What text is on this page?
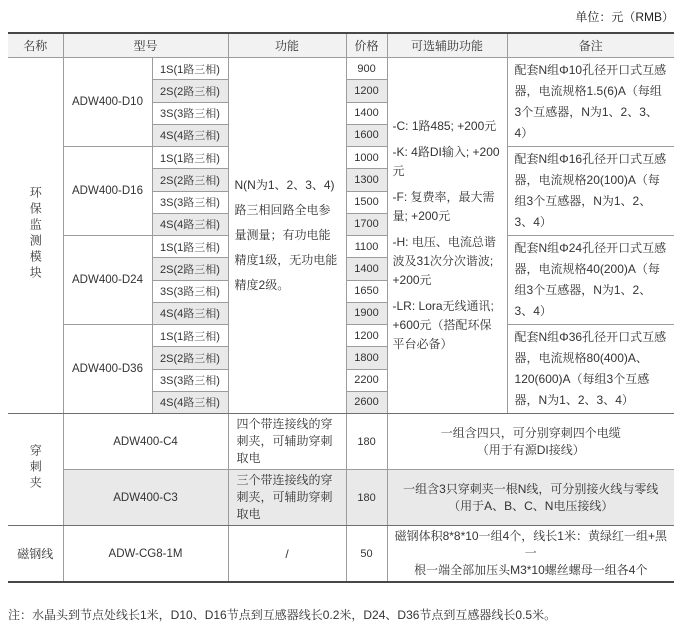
单位：元（RMB）
名称	型号		功能	价格	可选辅助功能	备注
环保监测模块	ADW400-D10	1S(1路三相)	N(N为1、2、3、4)路三相回路全电参量测量；有功电能精度1级，无功电能精度2级。	900	-C: 1路485; +200元
-K: 4路DI输入; +200元
-F: 复费率，最大需量; +200元
-H: 电压、电流总谐波及31次分次谐波; +200元
-LR: Lora无线通讯; +600元（搭配环保平台必备）	配套N组Φ10孔径开口式互感器，电流规格1.5(6)A（每组3个互感器，N为1、2、3、4）
		2S(2路三相)		1200		
		3S(3路三相)		1400		
		4S(4路三相)		1600		
	ADW400-D16	1S(1路三相)		1000		配套N组Φ16孔径开口式互感器，电流规格20(100)A（每组3个互感器，N为1、2、3、4）
		2S(2路三相)		1300		
		3S(3路三相)		1500		
		4S(4路三相)		1700		
	ADW400-D24	1S(1路三相)		1100		配套N组Φ24孔径开口式互感器，电流规格40(200)A（每组3个互感器，N为1、2、3、4）
		2S(2路三相)		1400		
		3S(3路三相)		1650		
		4S(4路三相)		1900		
	ADW400-D36	1S(1路三相)		1200		配套N组Φ36孔径开口式互感器，电流规格80(400)A、120(600)A（每组3个互感器，N为1、2、3、4）
		2S(2路三相)		1800		
		3S(3路三相)		2200		
		4S(4路三相)		2600		
穿刺夹	ADW400-C4		四个带连接线的穿刺夹，可辅助穿刺取电	180	一组含四只，可分别穿刺四个电缆
（用于有源DI接线）	

	ADW400-C3		三个带连接线的穿刺夹，可辅助穿刺取电	180	一组含3只穿刺夹一根N线，可分别接火线与零线
（用于A、B、C、N电压接线）	

磁钢线	ADW-CG8-1M		/	50	磁钢体积8*8*10一组4个，线长1米：黄绿红一组+黑一
根一端全部加压头M3*10螺丝螺母一组各4个	
注：水晶头到节点处线长1米，D10、D16节点到互感器线长0.2米，D24、D36节点到互感器线长0.5米。
